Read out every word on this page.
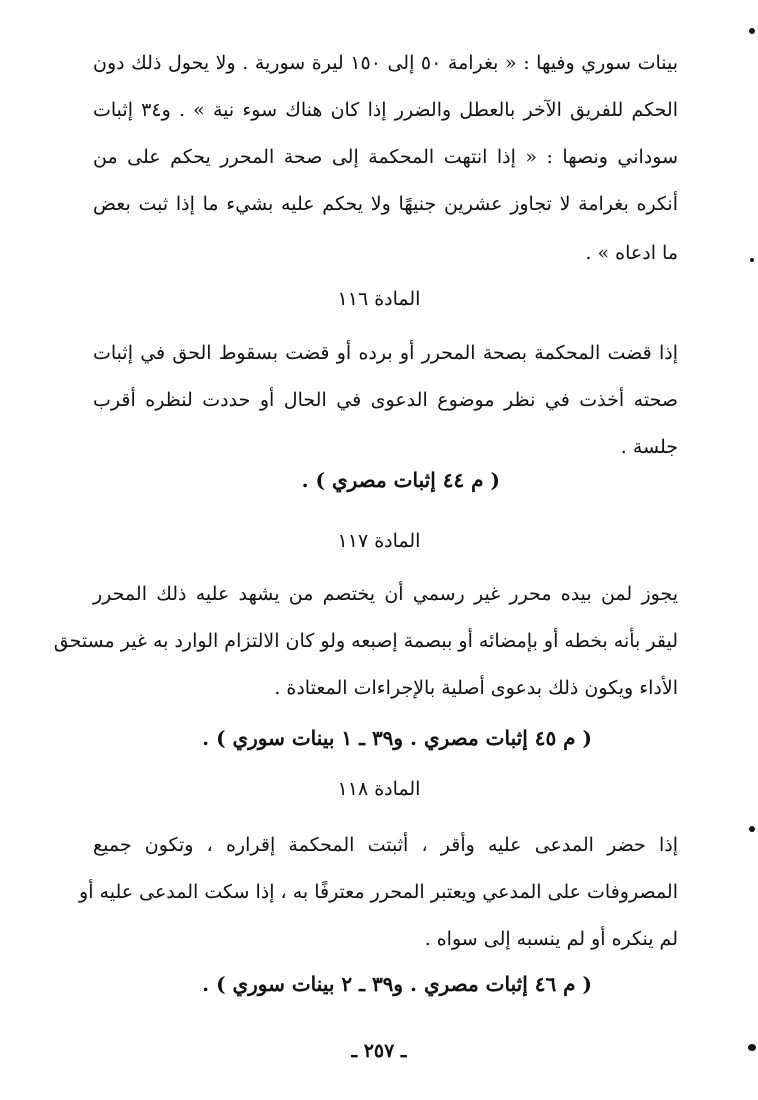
بينات سوري وفيها : « بغرامة ٥٠ إلى ١٥٠ ليرة سورية . ولا يحول ذلك دون
الحكم للفريق الآخر بالعطل والضرر إذا كان هناك سوء نية » . و٣٤ إثبات
سوداني ونصها : « إذا انتهت المحكمة إلى صحة المحرر يحكم على من
أنكره بغرامة لا تجاوز عشرين جنيهًا ولا يحكم عليه بشيء ما إذا ثبت بعض
ما ادعاه » .
المادة ١١٦
إذا قضت المحكمة بصحة المحرر أو برده أو قضت بسقوط الحق في إثبات
صحته أخذت في نظر موضوع الدعوى في الحال أو حددت لنظره أقرب
جلسة .
( م ٤٤ إثبات مصري ) .
المادة ١١٧
يجوز لمن بيده محرر غير رسمي أن يختصم من يشهد عليه ذلك المحرر
ليقر بأنه بخطه أو بإمضائه أو ببصمة إصبعه ولو كان الالتزام الوارد به غير مستحق
الأداء ويكون ذلك بدعوى أصلية بالإجراءات المعتادة .
( م ٤٥ إثبات مصري . و٣٩ ـ ١ بينات سوري ) .
المادة ١١٨
إذا حضر المدعى عليه وأقر ، أثبتت المحكمة إقراره ، وتكون جميع
المصروفات على المدعي ويعتبر المحرر معترفًا به ، إذا سكت المدعى عليه أو
لم ينكره أو لم ينسبه إلى سواه .
( م ٤٦ إثبات مصري . و٣٩ ـ ٢ بينات سوري ) .
ـ ٢٥٧ ـ
